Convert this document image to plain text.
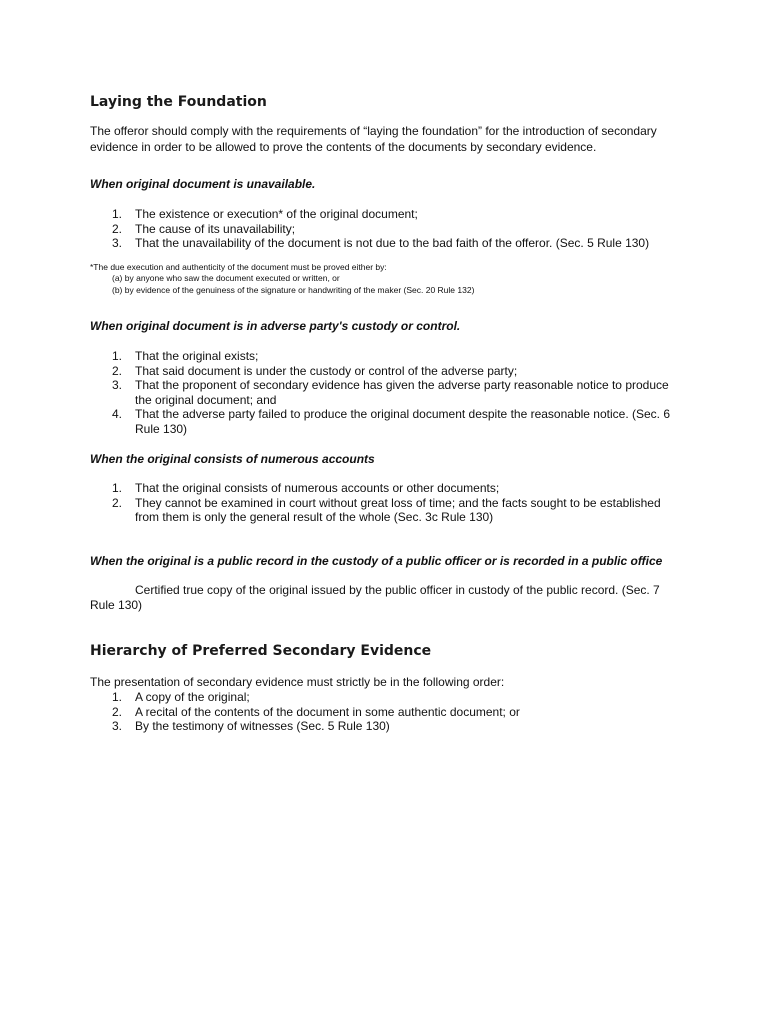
Laying the Foundation

The offeror should comply with the requirements of “laying the foundation” for the introduction of secondary evidence in order to be allowed to prove the contents of the documents by secondary evidence.

When original document is unavailable.
1. The existence or execution* of the original document;
2. The cause of its unavailability;
3. That the unavailability of the document is not due to the bad faith of the offeror. (Sec. 5 Rule 130)
*The due execution and authenticity of the document must be proved either by:
(a) by anyone who saw the document executed or written, or
(b) by evidence of the genuiness of the signature or handwriting of the maker (Sec. 20 Rule 132)
When original document is in adverse party's custody or control.
1. That the original exists;
2. That said document is under the custody or control of the adverse party;
3. That the proponent of secondary evidence has given the adverse party reasonable notice to produce the original document; and
4. That the adverse party failed to produce the original document despite the reasonable notice. (Sec. 6 Rule 130)
When the original consists of numerous accounts
1. That the original consists of numerous accounts or other documents;
2. They cannot be examined in court without great loss of time; and the facts sought to be established from them is only the general result of the whole (Sec. 3c Rule 130)
When the original is a public record in the custody of a public officer or is recorded in a public office

Certified true copy of the original issued by the public officer in custody of the public record. (Sec. 7 Rule 130)

Hierarchy of Preferred Secondary Evidence

The presentation of secondary evidence must strictly be in the following order:

1. A copy of the original;
2. A recital of the contents of the document in some authentic document; or
3. By the testimony of witnesses (Sec. 5 Rule 130)
